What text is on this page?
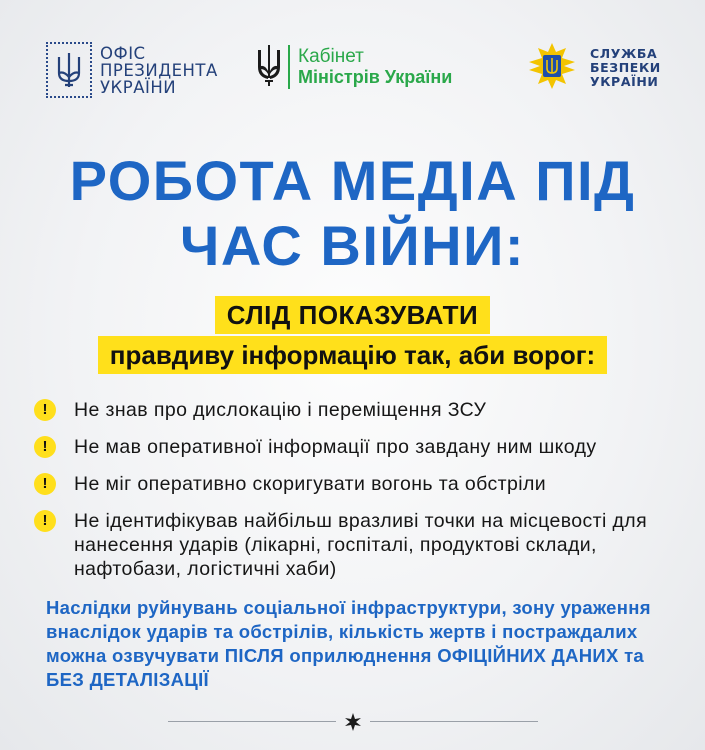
ОФІС
ПРЕЗИДЕНТА
УКРАЇНИ
Кабінет
Міністрів України
СЛУЖБА
БЕЗПЕКИ
УКРАЇНИ
РОБОТА МЕДІА ПІД
ЧАС ВІЙНИ:
СЛІД ПОКАЗУВАТИ
правдиву інформацію так, аби ворог:
!	Не знав про дислокацію і переміщення ЗСУ
!	Не мав оперативної інформації про завдану ним шкоду
!	Не міг оперативно скоригувати вогонь та обстріли
!	Не ідентифікував найбільш вразливі точки на місцевості для нанесення ударів (лікарні, госпіталі, продуктові склади, нафтобази, логістичні хаби)
Наслідки руйнувань соціальної інфраструктури, зону ураження внаслідок ударів та обстрілів, кількість жертв і постраждалих можна озвучувати ПІСЛЯ оприлюднення ОФІЦІЙНИХ ДАНИХ та БЕЗ ДЕТАЛІЗАЦІЇ
